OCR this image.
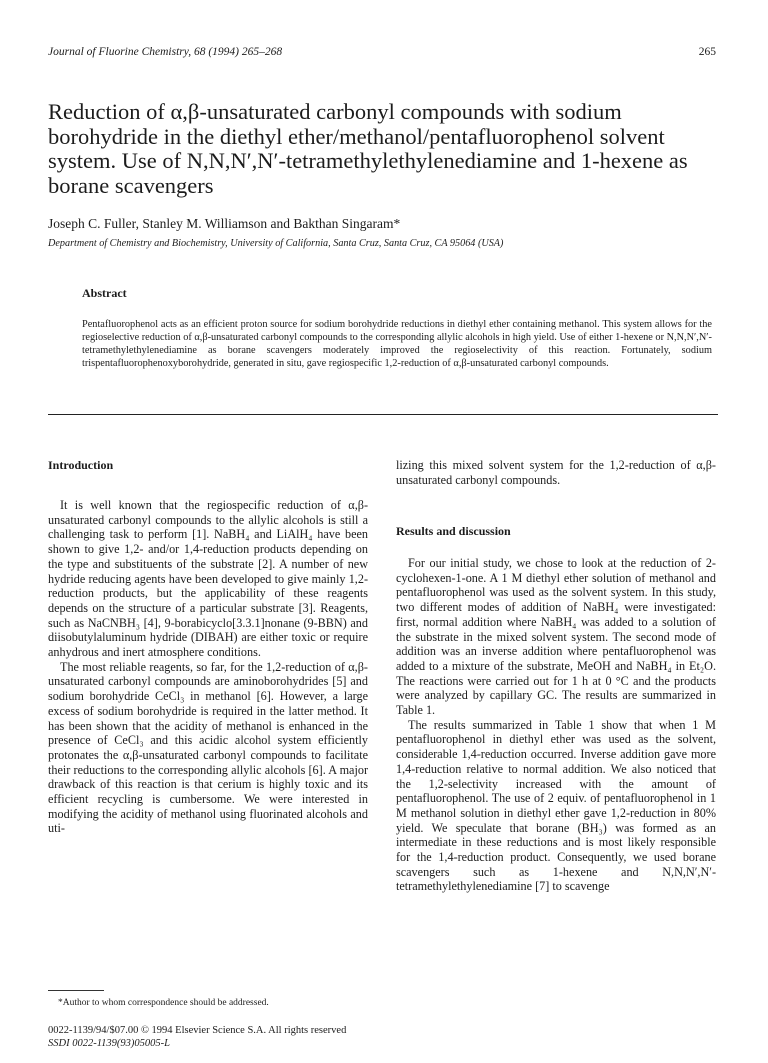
Journal of Fluorine Chemistry, 68 (1994) 265–268	265
Reduction of α,β-unsaturated carbonyl compounds with sodium borohydride in the diethyl ether/methanol/pentafluorophenol solvent system. Use of N,N,N′,N′-tetramethylethylenediamine and 1-hexene as borane scavengers
Joseph C. Fuller, Stanley M. Williamson and Bakthan Singaram*
Department of Chemistry and Biochemistry, University of California, Santa Cruz, Santa Cruz, CA 95064 (USA)
Abstract
Pentafluorophenol acts as an efficient proton source for sodium borohydride reductions in diethyl ether containing methanol. This system allows for the regioselective reduction of α,β-unsaturated carbonyl compounds to the corresponding allylic alcohols in high yield. Use of either 1-hexene or N,N,N′,N′-tetramethylethylenediamine as borane scavengers moderately improved the regioselectivity of this reaction. Fortunately, sodium trispentafluorophenoxyborohydride, generated in situ, gave regiospecific 1,2-reduction of α,β-unsaturated carbonyl compounds.
Introduction

It is well known that the regiospecific reduction of α,β-unsaturated carbonyl compounds to the allylic alcohols is still a challenging task to perform [1]. NaBH₄ and LiAlH₄ have been shown to give 1,2- and/or 1,4-reduction products depending on the type and substituents of the substrate [2]. A number of new hydride reducing agents have been developed to give mainly 1,2-reduction products, but the applicability of these reagents depends on the structure of a particular substrate [3]. Reagents, such as NaCNBH₃ [4], 9-borabicyclo[3.3.1]nonane (9-BBN) and diisobutylaluminum hydride (DIBAH) are either toxic or require anhydrous and inert atmosphere conditions.

The most reliable reagents, so far, for the 1,2-reduction of α,β-unsaturated carbonyl compounds are aminoborohydrides [5] and sodium borohydride CeCl₃ in methanol [6]. However, a large excess of sodium borohydride is required in the latter method. It has been shown that the acidity of methanol is enhanced in the presence of CeCl₃ and this acidic alcohol system efficiently protonates the α,β-unsaturated carbonyl compounds to facilitate their reductions to the corresponding allylic alcohols [6]. A major drawback of this reaction is that cerium is highly toxic and its efficient recycling is cumbersome. We were interested in modifying the acidity of methanol using fluorinated alcohols and uti-

*Author to whom correspondence should be addressed.

lizing this mixed solvent system for the 1,2-reduction of α,β-unsaturated carbonyl compounds.

Results and discussion

For our initial study, we chose to look at the reduction of 2-cyclohexen-1-one. A 1 M diethyl ether solution of methanol and pentafluorophenol was used as the solvent system. In this study, two different modes of addition of NaBH₄ were investigated: first, normal addition where NaBH₄ was added to a solution of the substrate in the mixed solvent system. The second mode of addition was an inverse addition where pentafluorophenol was added to a mixture of the substrate, MeOH and NaBH₄ in Et₂O. The reactions were carried out for 1 h at 0 °C and the products were analyzed by capillary GC. The results are summarized in Table 1.

The results summarized in Table 1 show that when 1 M pentafluorophenol in diethyl ether was used as the solvent, considerable 1,4-reduction occurred. Inverse addition gave more 1,4-reduction relative to normal addition. We also noticed that the 1,2-selectivity increased with the amount of pentafluorophenol. The use of 2 equiv. of pentafluorophenol in 1 M methanol solution in diethyl ether gave 1,2-reduction in 80% yield. We speculate that borane (BH₃) was formed as an intermediate in these reductions and is most likely responsible for the 1,4-reduction product. Consequently, we used borane scavengers such as 1-hexene and N,N,N′,N′-tetramethylethylenediamine [7] to scavenge

0022-1139/94/$07.00 © 1994 Elsevier Science S.A. All rights reserved
SSDI 0022-1139(93)05005-L
